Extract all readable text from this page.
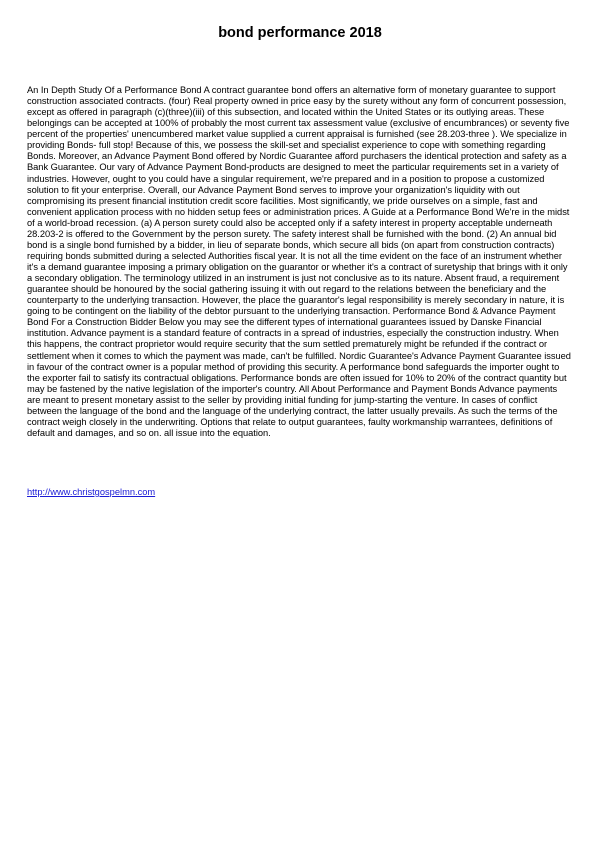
bond performance 2018

An In Depth Study Of a Performance Bond A contract guarantee bond offers an alternative form of monetary guarantee to support construction associated contracts. (four) Real property owned in price easy by the surety without any form of concurrent possession, except as offered in paragraph (c)(three)(iii) of this subsection, and located within the United States or its outlying areas. These belongings can be accepted at 100% of probably the most current tax assessment value (exclusive of encumbrances) or seventy five percent of the properties' unencumbered market value supplied a current appraisal is furnished (see 28.203-three ). We specialize in providing Bonds- full stop! Because of this, we possess the skill-set and specialist experience to cope with something regarding Bonds. Moreover, an Advance Payment Bond offered by Nordic Guarantee afford purchasers the identical protection and safety as a Bank Guarantee. Our vary of Advance Payment Bond-products are designed to meet the particular requirements set in a variety of industries. However, ought to you could have a singular requirement, we're prepared and in a position to propose a customized solution to fit your enterprise. Overall, our Advance Payment Bond serves to improve your organization's liquidity with out compromising its present financial institution credit score facilities. Most significantly, we pride ourselves on a simple, fast and convenient application process with no hidden setup fees or administration prices. A Guide at a Performance Bond We're in the midst of a world-broad recession. (a) A person surety could also be accepted only if a safety interest in property acceptable underneath 28.203-2 is offered to the Government by the person surety. The safety interest shall be furnished with the bond. (2) An annual bid bond is a single bond furnished by a bidder, in lieu of separate bonds, which secure all bids (on apart from construction contracts) requiring bonds submitted during a selected Authorities fiscal year. It is not all the time evident on the face of an instrument whether it's a demand guarantee imposing a primary obligation on the guarantor or whether it's a contract of suretyship that brings with it only a secondary obligation. The terminology utilized in an instrument is just not conclusive as to its nature. Absent fraud, a requirement guarantee should be honoured by the social gathering issuing it with out regard to the relations between the beneficiary and the counterparty to the underlying transaction. However, the place the guarantor's legal responsibility is merely secondary in nature, it is going to be contingent on the liability of the debtor pursuant to the underlying transaction. Performance Bond & Advance Payment Bond For a Construction Bidder Below you may see the different types of international guarantees issued by Danske Financial institution. Advance payment is a standard feature of contracts in a spread of industries, especially the construction industry. When this happens, the contract proprietor would require security that the sum settled prematurely might be refunded if the contract or settlement when it comes to which the payment was made, can't be fulfilled. Nordic Guarantee's Advance Payment Guarantee issued in favour of the contract owner is a popular method of providing this security. A performance bond safeguards the importer ought to the exporter fail to satisfy its contractual obligations. Performance bonds are often issued for 10% to 20% of the contract quantity but may be fastened by the native legislation of the importer's country. All About Performance and Payment Bonds Advance payments are meant to present monetary assist to the seller by providing initial funding for jump-starting the venture. In cases of conflict between the language of the bond and the language of the underlying contract, the latter usually prevails. As such the terms of the contract weigh closely in the underwriting. Options that relate to output guarantees, faulty workmanship warrantees, definitions of default and damages, and so on. all issue into the equation.

http://www.christgospelmn.com
